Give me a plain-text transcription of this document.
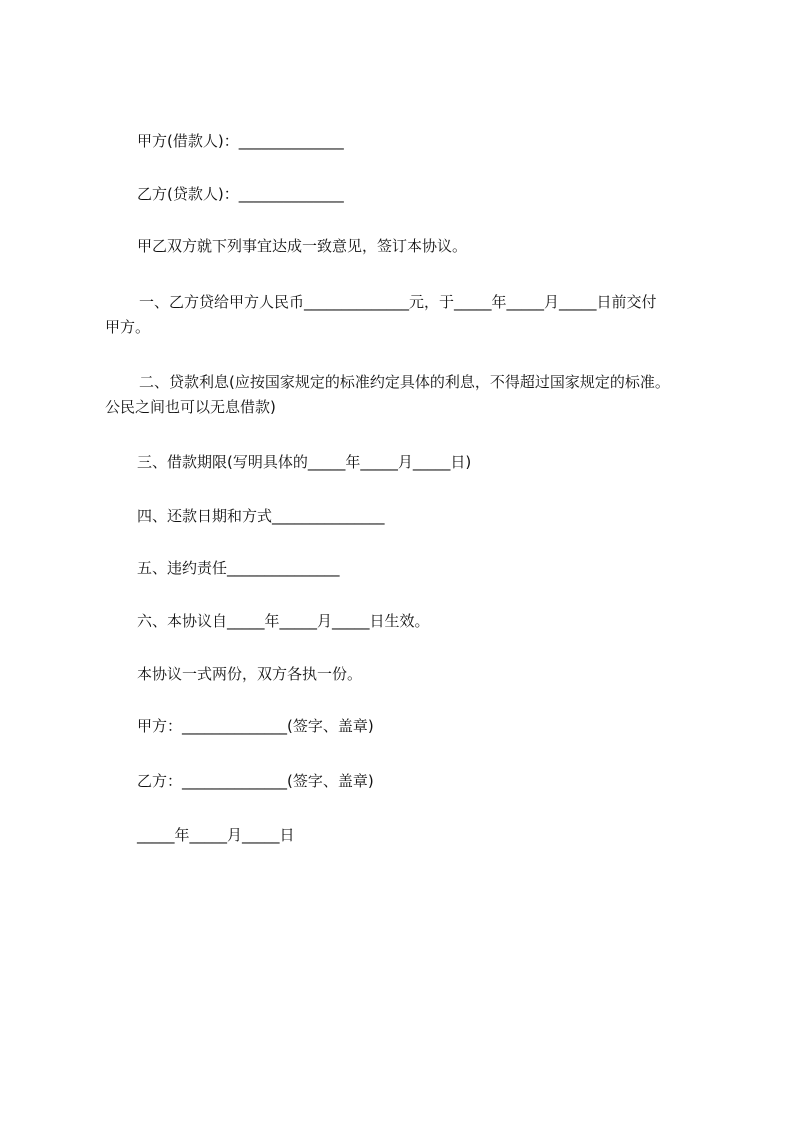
甲方(借款人)：______________
乙方(贷款人)：______________
甲乙双方就下列事宜达成一致意见，签订本协议。
一、乙方贷给甲方人民币______________元，于_____年_____月_____日前交付
甲方。
二、贷款利息(应按国家规定的标准约定具体的利息，不得超过国家规定的标准。
公民之间也可以无息借款)
三、借款期限(写明具体的_____年_____月_____日)
四、还款日期和方式_______________
五、违约责任_______________
六、本协议自_____年_____月_____日生效。
本协议一式两份，双方各执一份。
甲方：______________(签字、盖章)
乙方：______________(签字、盖章)
_____年_____月_____日
